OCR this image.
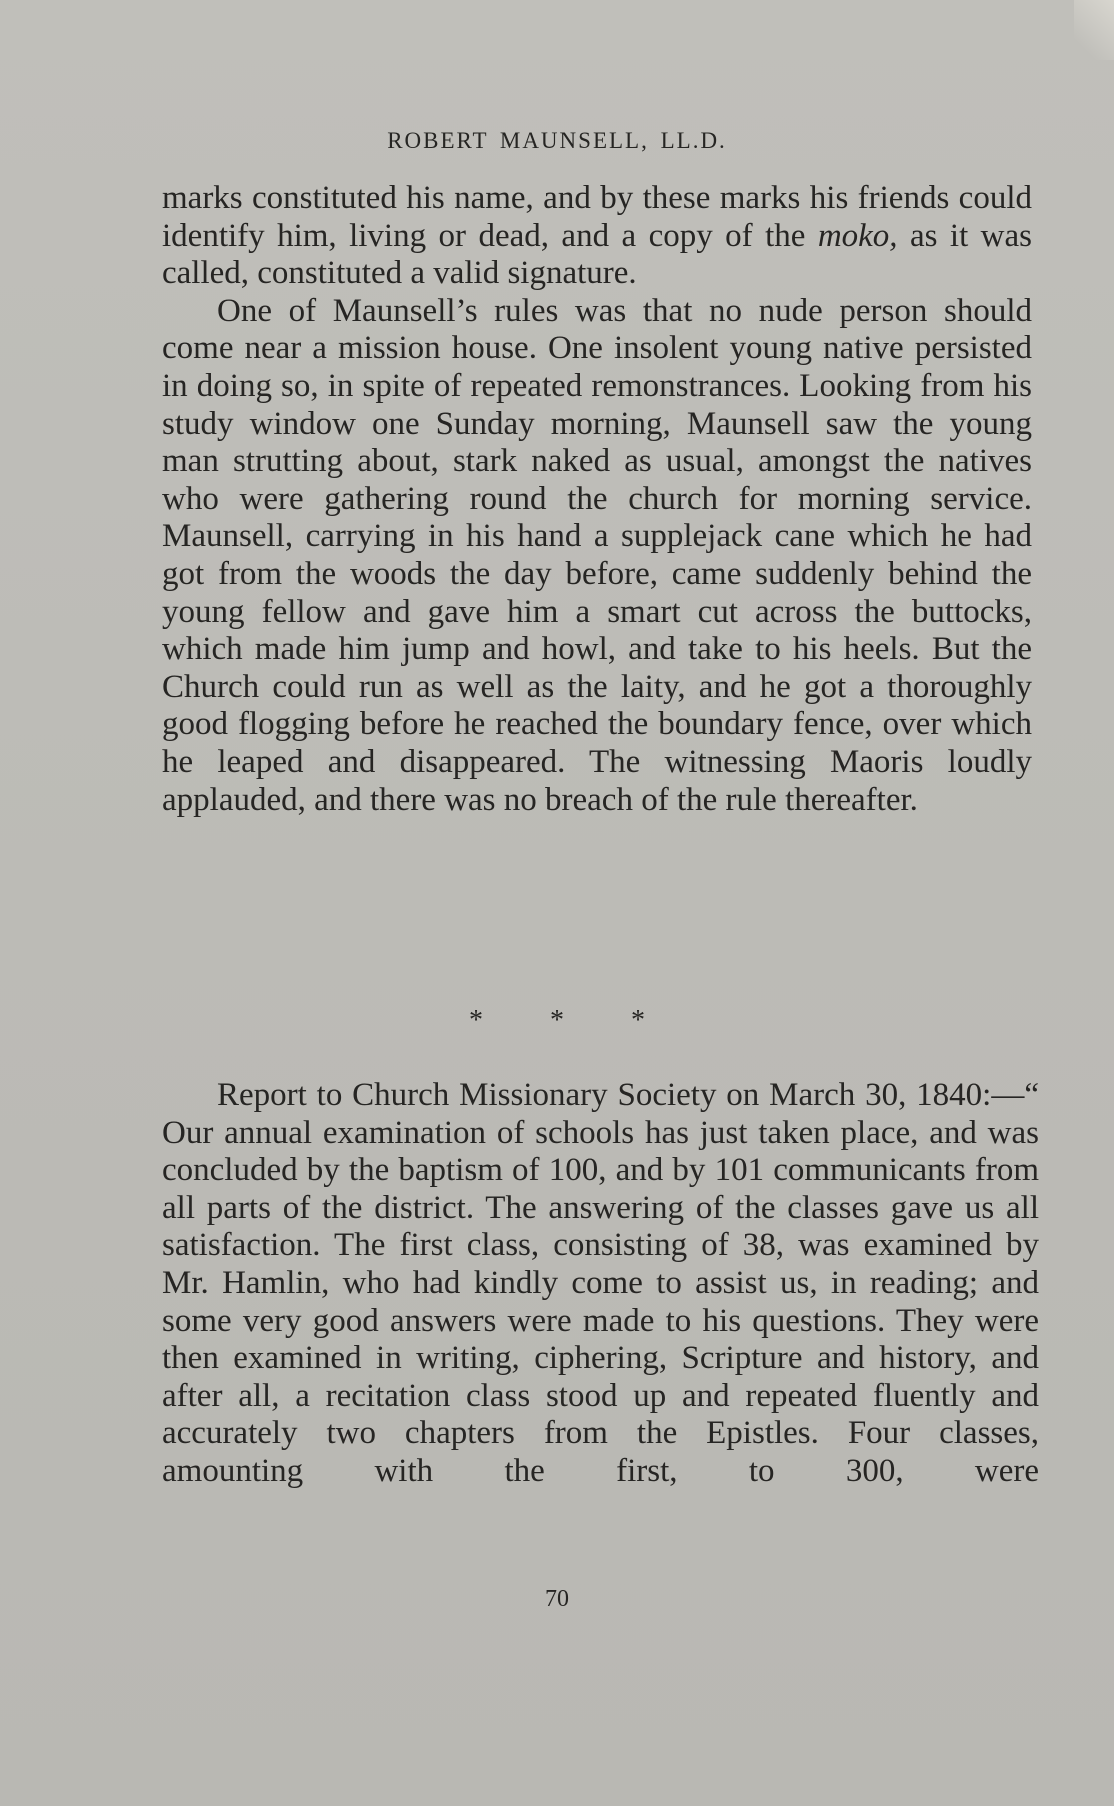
ROBERT MAUNSELL, LL.D.

marks constituted his name, and by these marks his friends could identify him, living or dead, and a copy of the moko, as it was called, constituted a valid signature.

One of Maunsell’s rules was that no nude person should come near a mission house. One insolent young native persisted in doing so, in spite of repeated remonstrances. Looking from his study window one Sunday morning, Maunsell saw the young man strutting about, stark naked as usual, amongst the natives who were gathering round the church for morning service. Maunsell, carrying in his hand a supplejack cane which he had got from the woods the day before, came suddenly behind the young fellow and gave him a smart cut across the buttocks, which made him jump and howl, and take to his heels. But the Church could run as well as the laity, and he got a thoroughly good flogging before he reached the boundary fence, over which he leaped and disappeared. The witnessing Maoris loudly applauded, and there was no breach of the rule thereafter.

* * *

Report to Church Missionary Society on March 30, 1840:—“ Our annual examination of schools has just taken place, and was concluded by the baptism of 100, and by 101 communicants from all parts of the district. The answering of the classes gave us all satisfaction. The first class, consisting of 38, was examined by Mr. Hamlin, who had kindly come to assist us, in reading; and some very good answers were made to his questions. They were then examined in writing, ciphering, Scripture and history, and after all, a recitation class stood up and repeated fluently and accurately two chapters from the Epistles. Four classes, amounting with the first, to 300, were

70
